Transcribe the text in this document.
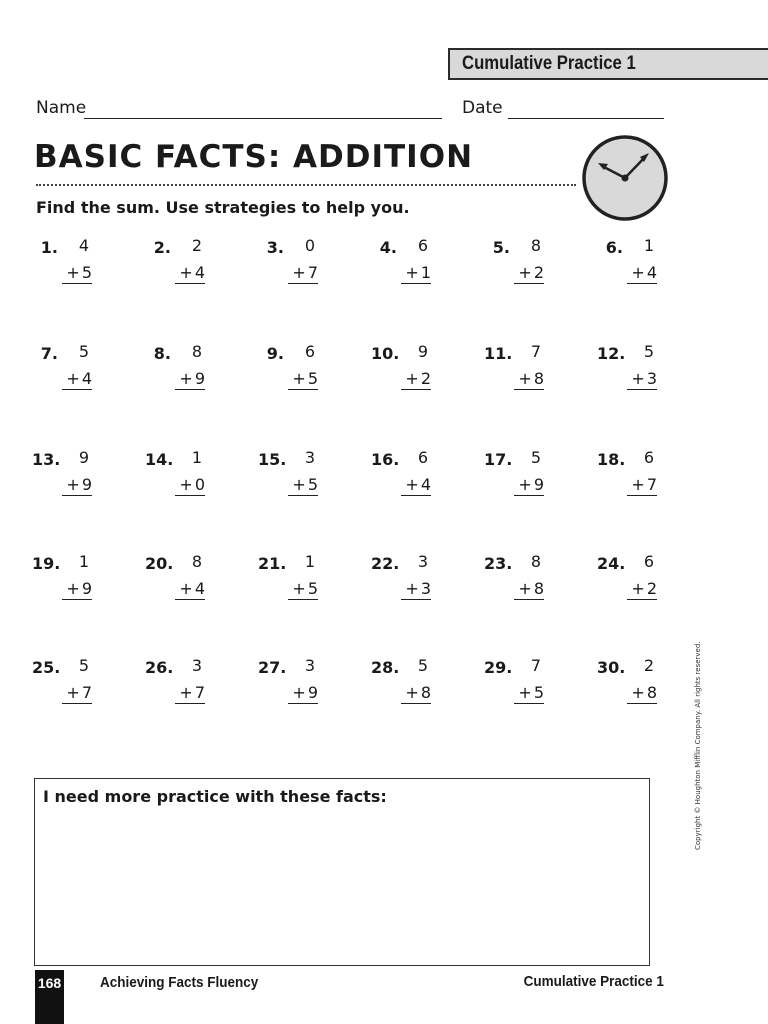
Cumulative Practice 1
Name	Date
BASIC FACTS: ADDITION
Find the sum. Use strategies to help you.
1. 4
+ 5
2. 2
+ 4
3. 0
+ 7
4. 6
+ 1
5. 8
+ 2
6. 1
+ 4
7. 5
+ 4
8. 8
+ 9
9. 6
+ 5
10. 9
+ 2
11. 7
+ 8
12. 5
+ 3
13. 9
+ 9
14. 1
+ 0
15. 3
+ 5
16. 6
+ 4
17. 5
+ 9
18. 6
+ 7
19. 1
+ 9
20. 8
+ 4
21. 1
+ 5
22. 3
+ 3
23. 8
+ 8
24. 6
+ 2
25. 5
+ 7
26. 3
+ 7
27. 3
+ 9
28. 5
+ 8
29. 7
+ 5
30. 2
+ 8
I need more practice with these facts:	Copyright © Houghton Mifflin Company. All rights reserved.
168	Achieving Facts Fluency	Cumulative Practice 1
